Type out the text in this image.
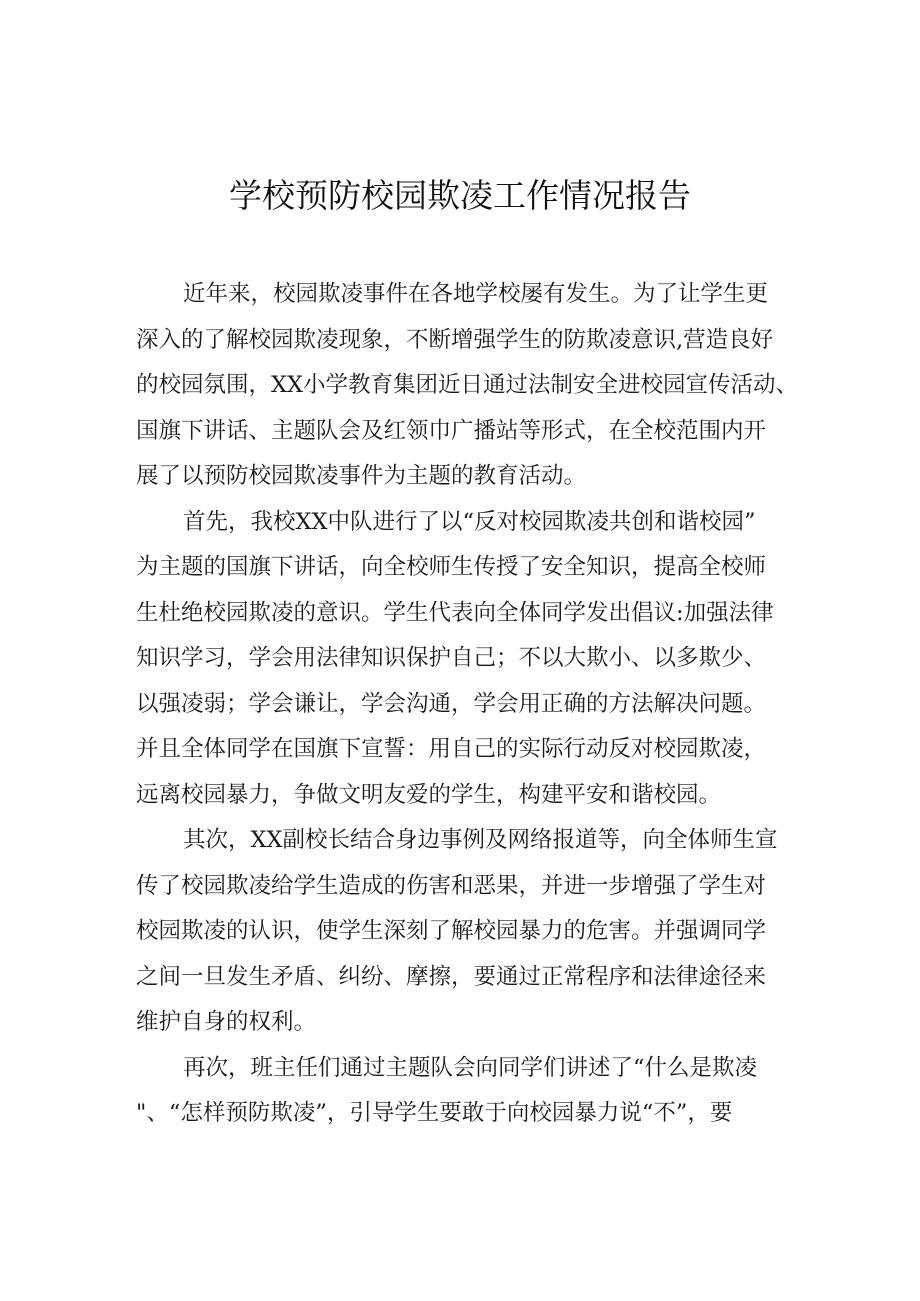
学校预防校园欺凌工作情况报告
近年来，校园欺凌事件在各地学校屡有发生。为了让学生更
深入的了解校园欺凌现象，不断增强学生的防欺凌意识,营造良好
的校园氛围，XX小学教育集团近日通过法制安全进校园宣传活动、
国旗下讲话、主题队会及红领巾广播站等形式，在全校范围内开
展了以预防校园欺凌事件为主题的教育活动。
首先，我校XX中队进行了以“反对校园欺凌共创和谐校园”
为主题的国旗下讲话，向全校师生传授了安全知识，提高全校师
生杜绝校园欺凌的意识。学生代表向全体同学发出倡议:加强法律
知识学习，学会用法律知识保护自己；不以大欺小、以多欺少、
以强凌弱；学会谦让，学会沟通，学会用正确的方法解决问题。
并且全体同学在国旗下宣誓：用自己的实际行动反对校园欺凌，
远离校园暴力，争做文明友爱的学生，构建平安和谐校园。
其次，XX副校长结合身边事例及网络报道等，向全体师生宣
传了校园欺凌给学生造成的伤害和恶果，并进一步增强了学生对
校园欺凌的认识，使学生深刻了解校园暴力的危害。并强调同学
之间一旦发生矛盾、纠纷、摩擦，要通过正常程序和法律途径来
维护自身的权利。
再次，班主任们通过主题队会向同学们讲述了“什么是欺凌
"、“怎样预防欺凌”，引导学生要敢于向校园暴力说“不”，要
